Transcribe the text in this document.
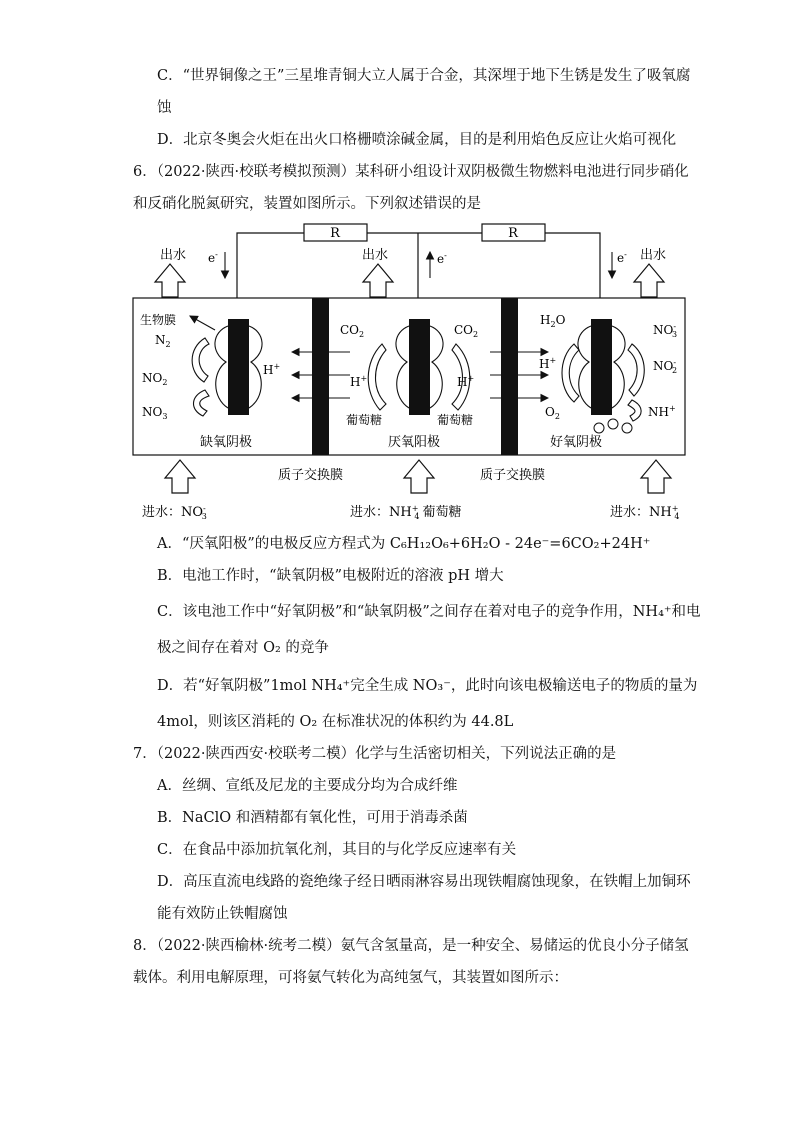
C．“世界铜像之王”三星堆青铜大立人属于合金，其深埋于地下生锈是发生了吸氧腐
蚀
D．北京冬奥会火炬在出火口格栅喷涂碱金属，目的是利用焰色反应让火焰可视化
6．（2022·陕西·校联考模拟预测）某科研小组设计双阴极微生物燃料电池进行同步硝化
和反硝化脱氮研究，装置如图所示。下列叙述错误的是
R	R
e-	e-	e-
出水	出水	出水
生物膜
$N_2$
$NO_2$
$NO_3$
H+
$CO_2$	$CO_2$
H+	H+
葡萄糖	葡萄糖
$H_2O$
H+
$O_2$
NO-3
NO-2
NH+
缺氧阴极	厌氧阳极	好氧阴极
质子交换膜	质子交换膜
进水：NO-3	进水：NH+ 4 葡萄糖	进水：NH+ 4
A．“厌氧阳极”的电极反应方程式为 C₆H₁₂O₆+6H₂O - 24e⁻=6CO₂+24H⁺
B．电池工作时，“缺氧阴极”电极附近的溶液 pH 增大
C．该电池工作中“好氧阴极”和“缺氧阴极”之间存在着对电子的竞争作用，NH₄⁺和电
极之间存在着对 O₂ 的竞争
D．若“好氧阴极”1mol NH₄⁺完全生成 NO₃⁻，此时向该电极输送电子的物质的量为
4mol，则该区消耗的 O₂ 在标准状况的体积约为 44.8L
7．（2022·陕西西安·校联考二模）化学与生活密切相关，下列说法正确的是
A．丝绸、宣纸及尼龙的主要成分均为合成纤维
B．NaClO 和酒精都有氧化性，可用于消毒杀菌
C．在食品中添加抗氧化剂，其目的与化学反应速率有关
D．高压直流电线路的瓷绝缘子经日晒雨淋容易出现铁帽腐蚀现象，在铁帽上加铜环
能有效防止铁帽腐蚀
8．（2022·陕西榆林·统考二模）氨气含氢量高，是一种安全、易储运的优良小分子储氢
载体。利用电解原理，可将氨气转化为高纯氢气，其装置如图所示：
